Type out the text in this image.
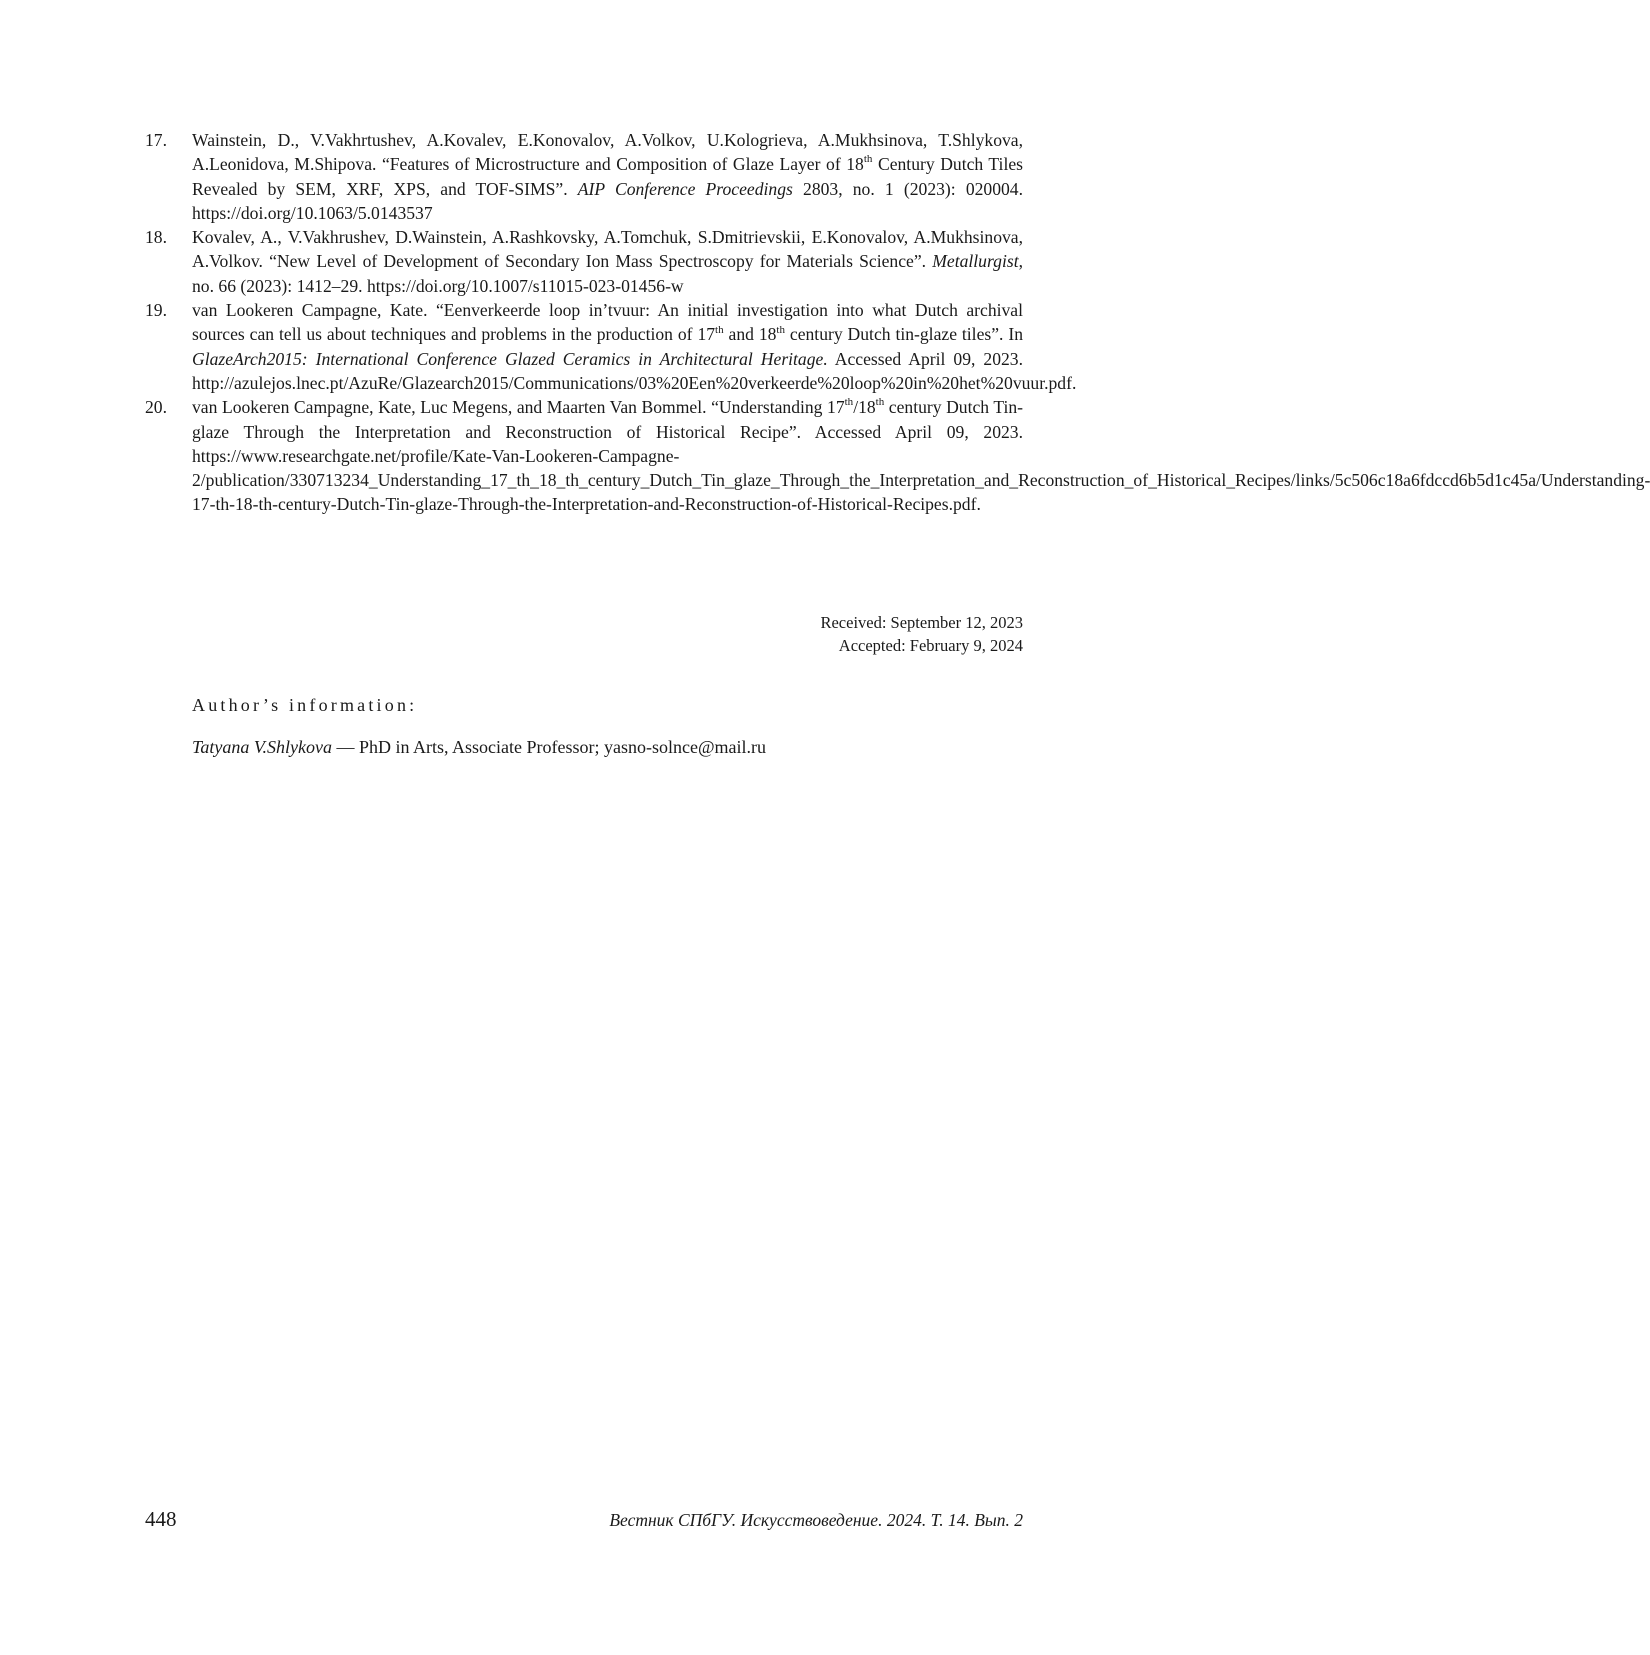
17. Wainstein, D., V.Vakhrtushev, A.Kovalev, E.Konovalov, A.Volkov, U.Kologrieva, A.Mukhsinova, T.Shlykova, A.Leonidova, M.Shipova. “Features of Microstructure and Composition of Glaze Layer of 18th Century Dutch Tiles Revealed by SEM, XRF, XPS, and TOF-SIMS”. AIP Conference Proceedings 2803, no. 1 (2023): 020004. https://doi.org/10.1063/5.0143537
18. Kovalev, A., V.Vakhrushev, D.Wainstein, A.Rashkovsky, A.Tomchuk, S.Dmitrievskii, E.Konovalov, A.Mukhsinova, A.Volkov. “New Level of Development of Secondary Ion Mass Spectroscopy for Materials Science”. Metallurgist, no. 66 (2023): 1412–29. https://doi.org/10.1007/s11015-023-01456-w
19. van Lookeren Campagne, Kate. “Eenverkeerde loop in’tvuur: An initial investigation into what Dutch archival sources can tell us about techniques and problems in the production of 17th and 18th century Dutch tin-glaze tiles”. In GlazeArch2015: International Conference Glazed Ceramics in Architectural Heritage. Accessed April 09, 2023. http://azulejos.lnec.pt/AzuRe/Glazearch2015/Communications/03%20Een%20verkeerde%20loop%20in%20het%20vuur.pdf.
20. van Lookeren Campagne, Kate, Luc Megens, and Maarten Van Bommel. “Understanding 17th/18th century Dutch Tin-glaze Through the Interpretation and Reconstruction of Historical Recipe”. Accessed April 09, 2023. https://www.researchgate.net/profile/Kate-Van-Lookeren-Campagne-2/publication/330713234_Understanding_17_th_18_th_century_Dutch_Tin_glaze_Through_the_Interpretation_and_Reconstruction_of_Historical_Recipes/links/5c506c18a6fdccd6b5d1c45a/Understanding-17-th-18-th-century-Dutch-Tin-glaze-Through-the-Interpretation-and-Reconstruction-of-Historical-Recipes.pdf.
Received: September 12, 2023
Accepted: February 9, 2024
Author’s information:
Tatyana V.Shlykova — PhD in Arts, Associate Professor; yasno-solnce@mail.ru
448	Вестник СПбГУ. Искусствоведение. 2024. Т. 14. Вып. 2
